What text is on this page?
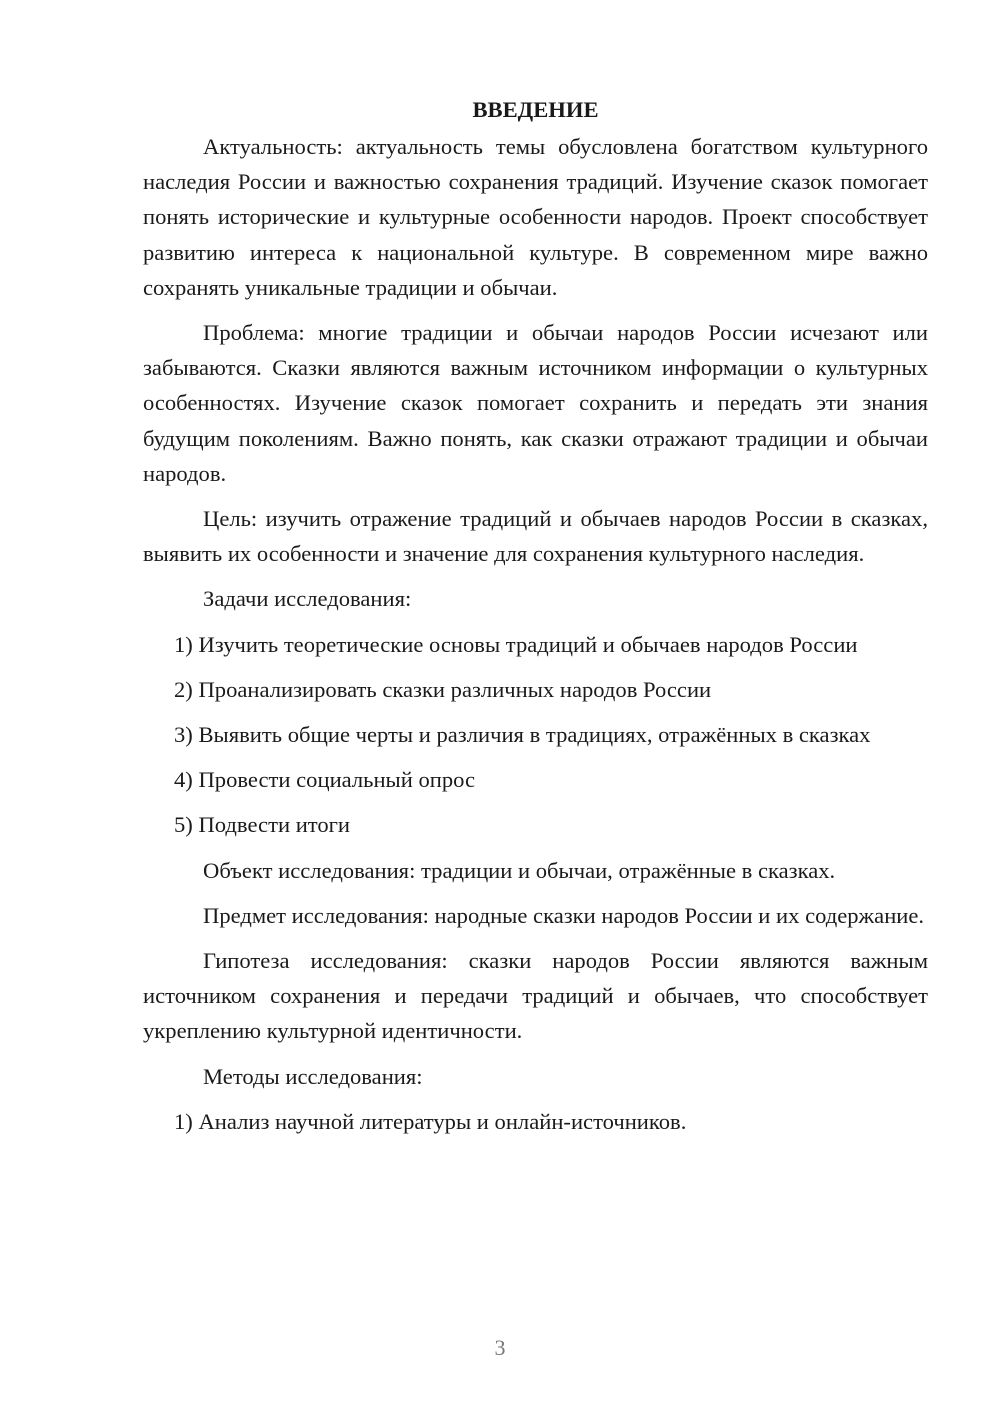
ВВЕДЕНИЕ

Актуальность: актуальность темы обусловлена богатством культурного наследия России и важностью сохранения традиций. Изучение сказок помогает понять исторические и культурные особенности народов. Проект способствует развитию интереса к национальной культуре. В современном мире важно сохранять уникальные традиции и обычаи.

Проблема: многие традиции и обычаи народов России исчезают или забываются. Сказки являются важным источником информации о культурных особенностях. Изучение сказок помогает сохранить и передать эти знания будущим поколениям. Важно понять, как сказки отражают традиции и обычаи народов.

Цель: изучить отражение традиций и обычаев народов России в сказках, выявить их особенности и значение для сохранения культурного наследия.

Задачи исследования:

1) Изучить теоретические основы традиций и обычаев народов России

2) Проанализировать сказки различных народов России

3) Выявить общие черты и различия в традициях, отражённых в сказках

4) Провести социальный опрос

5) Подвести итоги

Объект исследования: традиции и обычаи, отражённые в сказках.

Предмет исследования: народные сказки народов России и их содержание.

Гипотеза исследования: сказки народов России являются важным источником сохранения и передачи традиций и обычаев, что способствует укреплению культурной идентичности.

Методы исследования:

1) Анализ научной литературы и онлайн-источников.

3
